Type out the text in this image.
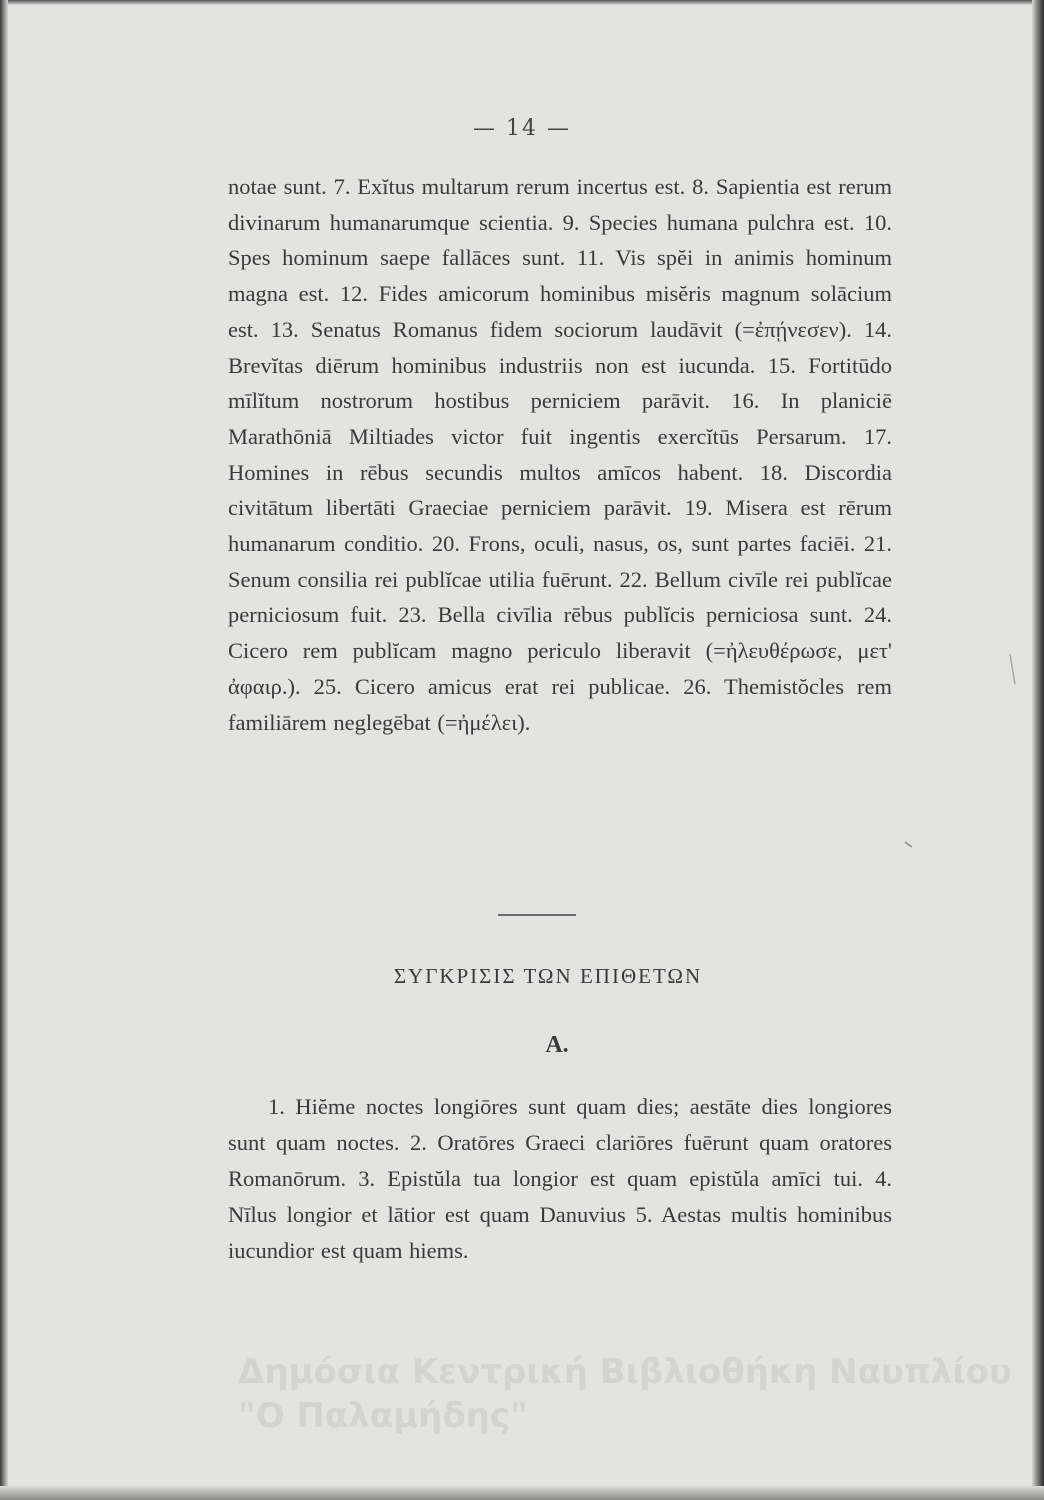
— 14 —
notae sunt. 7. Exĭtus multarum rerum incertus est. 8. Sapientia est rerum divinarum humanarumque scientia. 9. Species humana pulchra est. 10. Spes hominum saepe fallāces sunt. 11. Vis spĕi in animis hominum magna est. 12. Fides amicorum hominibus misĕris magnum solācium est. 13. Senatus Romanus fidem sociorum laudāvit (=ἐπῄνεσεν). 14. Brevĭtas diērum hominibus industriis non est iucunda. 15. Fortitūdo mīlĭtum nostrorum hostibus perniciem parāvit. 16. In planiciē Marathōniā Miltiades victor fuit ingentis exercĭtūs Persarum. 17. Homines in rēbus secundis multos amīcos habent. 18. Discordia civitātum libertāti Graeciae perniciem parāvit. 19. Misera est rērum humanarum conditio. 20. Frons, oculi, nasus, os, sunt partes faciēi. 21. Senum consilia rei publĭcae utilia fuērunt. 22. Bellum civīle rei publĭcae perniciosum fuit. 23. Bella civīlia rēbus publĭcis perniciosa sunt. 24. Cicero rem publĭcam magno periculo liberavit (=ἠλευθέρωσε, μετ' ἀφαιρ.). 25. Cicero amicus erat rei publicae. 26. Themistŏcles rem familiārem neglegēbat (=ἠμέλει).
ΣΥΓΚΡΙΣΙΣ ΤΩΝ ΕΠΙΘΕΤΩΝ
A.
1. Hiĕme noctes longiōres sunt quam dies; aestāte dies longiores sunt quam noctes. 2. Oratōres Graeci clariōres fuērunt quam oratores Romanōrum. 3. Epistŭla tua longior est quam epistŭla amīci tui. 4. Nīlus longior et lātior est quam Danuvius 5. Aestas multis hominibus iucundior est quam hiems.
Δημόσια Κεντρική Βιβλιοθήκη Ναυπλίου
"Ο Παλαμήδης"
